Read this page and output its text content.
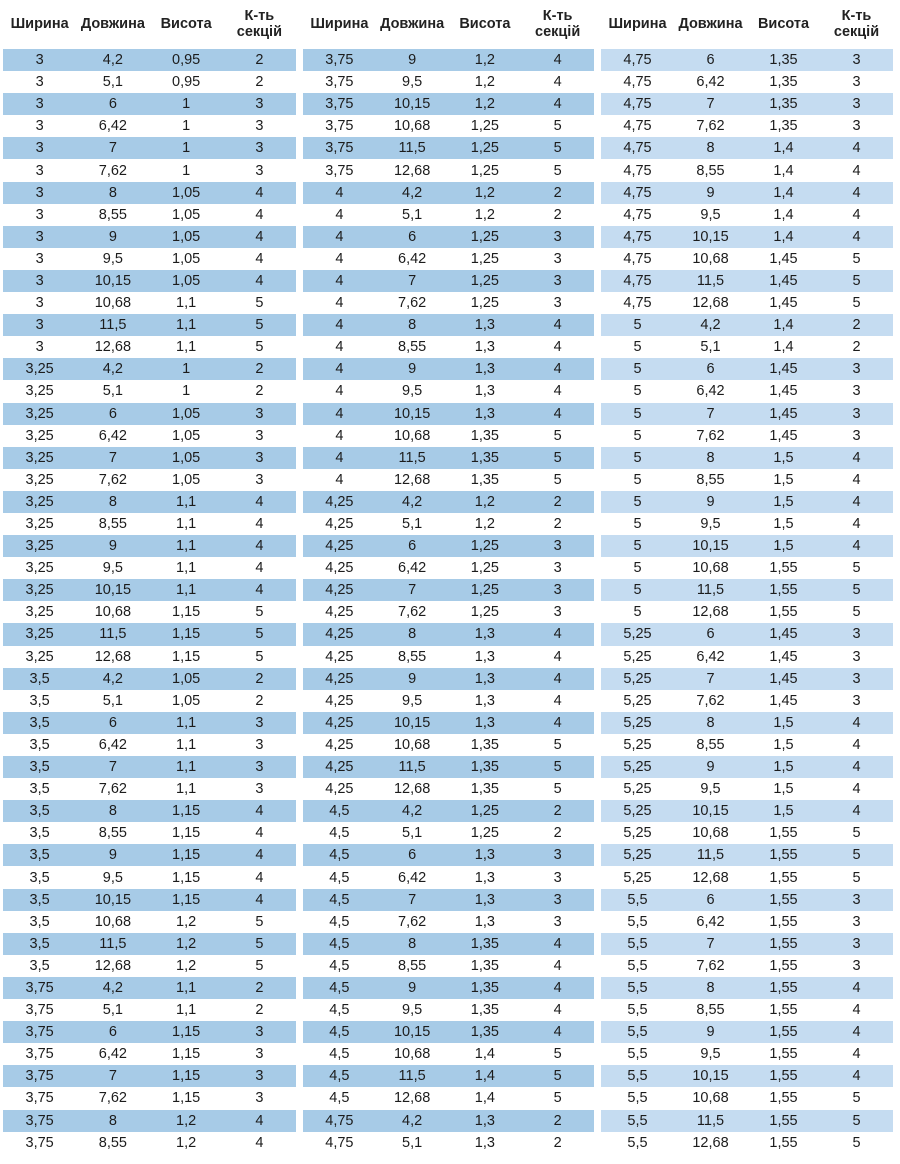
Ширина Довжина	Висота	К-ть
секцій
3	4,2	0,95	2
3	5,1	0,95	2
3	6	1	3
3	6,42	1	3
3	7	1	3
3	7,62	1	3
3	8	1,05	4
3	8,55	1,05	4
3	9	1,05	4
3	9,5	1,05	4
3	10,15	1,05	4
3	10,68	1,1	5
3	11,5	1,1	5
3	12,68	1,1	5
3,25	4,2	1	2
3,25	5,1	1	2
3,25	6	1,05	3
3,25	6,42	1,05	3
3,25	7	1,05	3
3,25	7,62	1,05	3
3,25	8	1,1	4
3,25	8,55	1,1	4
3,25	9	1,1	4
3,25	9,5	1,1	4
3,25	10,15	1,1	4
3,25	10,68	1,15	5
3,25	11,5	1,15	5
3,25	12,68	1,15	5
3,5	4,2	1,05	2
3,5	5,1	1,05	2
3,5	6	1,1	3
3,5	6,42	1,1	3
3,5	7	1,1	3
3,5	7,62	1,1	3
3,5	8	1,15	4
3,5	8,55	1,15	4
3,5	9	1,15	4
3,5	9,5	1,15	4
3,5	10,15	1,15	4
3,5	10,68	1,2	5
3,5	11,5	1,2	5
3,5	12,68	1,2	5
3,75	4,2	1,1	2
3,75	5,1	1,1	2
3,75	6	1,15	3
3,75	6,42	1,15	3
3,75	7	1,15	3
3,75	7,62	1,15	3
3,75	8	1,2	4
3,75	8,55	1,2	4
Ширина Довжина	Висота	К-ть
секцій
3,75	9	1,2	4
3,75	9,5	1,2	4
3,75	10,15	1,2	4
3,75	10,68	1,25	5
3,75	11,5	1,25	5
3,75	12,68	1,25	5
4	4,2	1,2	2
4	5,1	1,2	2
4	6	1,25	3
4	6,42	1,25	3
4	7	1,25	3
4	7,62	1,25	3
4	8	1,3	4
4	8,55	1,3	4
4	9	1,3	4
4	9,5	1,3	4
4	10,15	1,3	4
4	10,68	1,35	5
4	11,5	1,35	5
4	12,68	1,35	5
4,25	4,2	1,2	2
4,25	5,1	1,2	2
4,25	6	1,25	3
4,25	6,42	1,25	3
4,25	7	1,25	3
4,25	7,62	1,25	3
4,25	8	1,3	4
4,25	8,55	1,3	4
4,25	9	1,3	4
4,25	9,5	1,3	4
4,25	10,15	1,3	4
4,25	10,68	1,35	5
4,25	11,5	1,35	5
4,25	12,68	1,35	5
4,5	4,2	1,25	2
4,5	5,1	1,25	2
4,5	6	1,3	3
4,5	6,42	1,3	3
4,5	7	1,3	3
4,5	7,62	1,3	3
4,5	8	1,35	4
4,5	8,55	1,35	4
4,5	9	1,35	4
4,5	9,5	1,35	4
4,5	10,15	1,35	4
4,5	10,68	1,4	5
4,5	11,5	1,4	5
4,5	12,68	1,4	5
4,75	4,2	1,3	2
4,75	5,1	1,3	2
Ширина Довжина	Висота	К-ть
секцій
4,75	6	1,35	3
4,75	6,42	1,35	3
4,75	7	1,35	3
4,75	7,62	1,35	3
4,75	8	1,4	4
4,75	8,55	1,4	4
4,75	9	1,4	4
4,75	9,5	1,4	4
4,75	10,15	1,4	4
4,75	10,68	1,45	5
4,75	11,5	1,45	5
4,75	12,68	1,45	5
5	4,2	1,4	2
5	5,1	1,4	2
5	6	1,45	3
5	6,42	1,45	3
5	7	1,45	3
5	7,62	1,45	3
5	8	1,5	4
5	8,55	1,5	4
5	9	1,5	4
5	9,5	1,5	4
5	10,15	1,5	4
5	10,68	1,55	5
5	11,5	1,55	5
5	12,68	1,55	5
5,25	6	1,45	3
5,25	6,42	1,45	3
5,25	7	1,45	3
5,25	7,62	1,45	3
5,25	8	1,5	4
5,25	8,55	1,5	4
5,25	9	1,5	4
5,25	9,5	1,5	4
5,25	10,15	1,5	4
5,25	10,68	1,55	5
5,25	11,5	1,55	5
5,25	12,68	1,55	5
5,5	6	1,55	3
5,5	6,42	1,55	3
5,5	7	1,55	3
5,5	7,62	1,55	3
5,5	8	1,55	4
5,5	8,55	1,55	4
5,5	9	1,55	4
5,5	9,5	1,55	4
5,5	10,15	1,55	4
5,5	10,68	1,55	5
5,5	11,5	1,55	5
5,5	12,68	1,55	5
